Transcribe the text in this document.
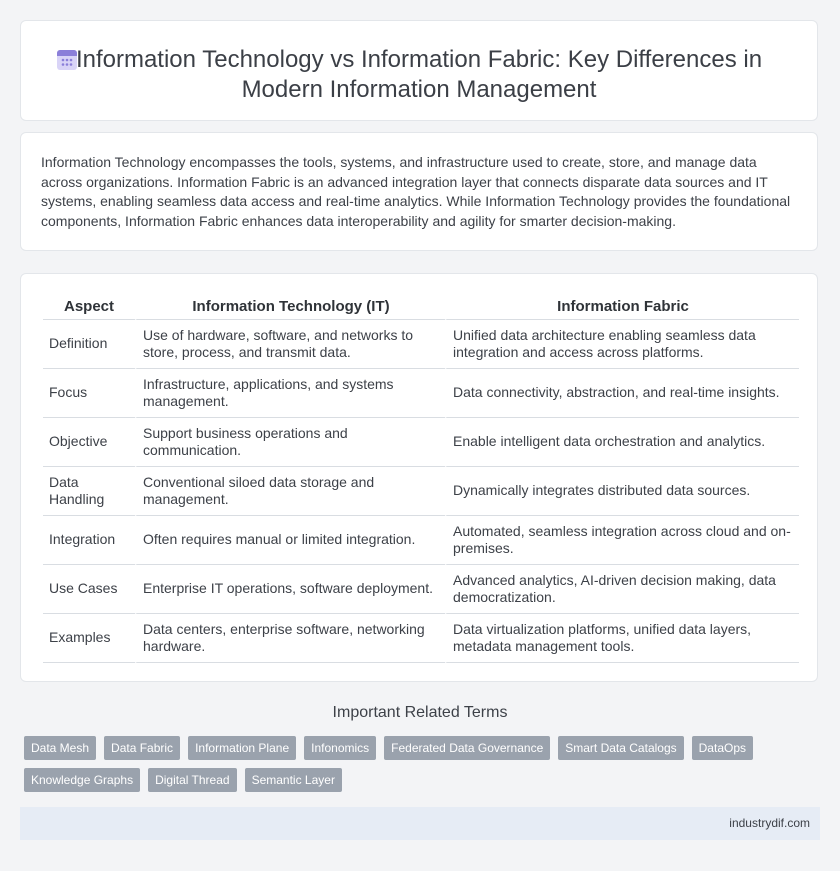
Information Technology vs Information Fabric: Key Differences in
Modern Information Management

Information Technology encompasses the tools, systems, and infrastructure used to create, store, and manage data across organizations. Information Fabric is an advanced integration layer that connects disparate data sources and IT systems, enabling seamless data access and real-time analytics. While Information Technology provides the foundational components, Information Fabric enhances data interoperability and agility for smarter decision-making.

Aspect	Information Technology (IT)	Information Fabric
Definition	Use of hardware, software, and networks to store, process, and transmit data.	Unified data architecture enabling seamless data integration and access across platforms.
Focus	Infrastructure, applications, and systems management.	Data connectivity, abstraction, and real-time insights.
Objective	Support business operations and communication.	Enable intelligent data orchestration and analytics.
Data Handling	Conventional siloed data storage and management.	Dynamically integrates distributed data sources.
Integration	Often requires manual or limited integration.	Automated, seamless integration across cloud and on-premises.
Use Cases	Enterprise IT operations, software deployment.	Advanced analytics, AI-driven decision making, data democratization.
Examples	Data centers, enterprise software, networking hardware.	Data virtualization platforms, unified data layers, metadata management tools.
Important Related Terms
Data Mesh	Data Fabric	Information Plane	Infonomics	Federated Data Governance	Smart Data Catalogs	DataOps
Knowledge Graphs	Digital Thread	Semantic Layer
industrydif.com
